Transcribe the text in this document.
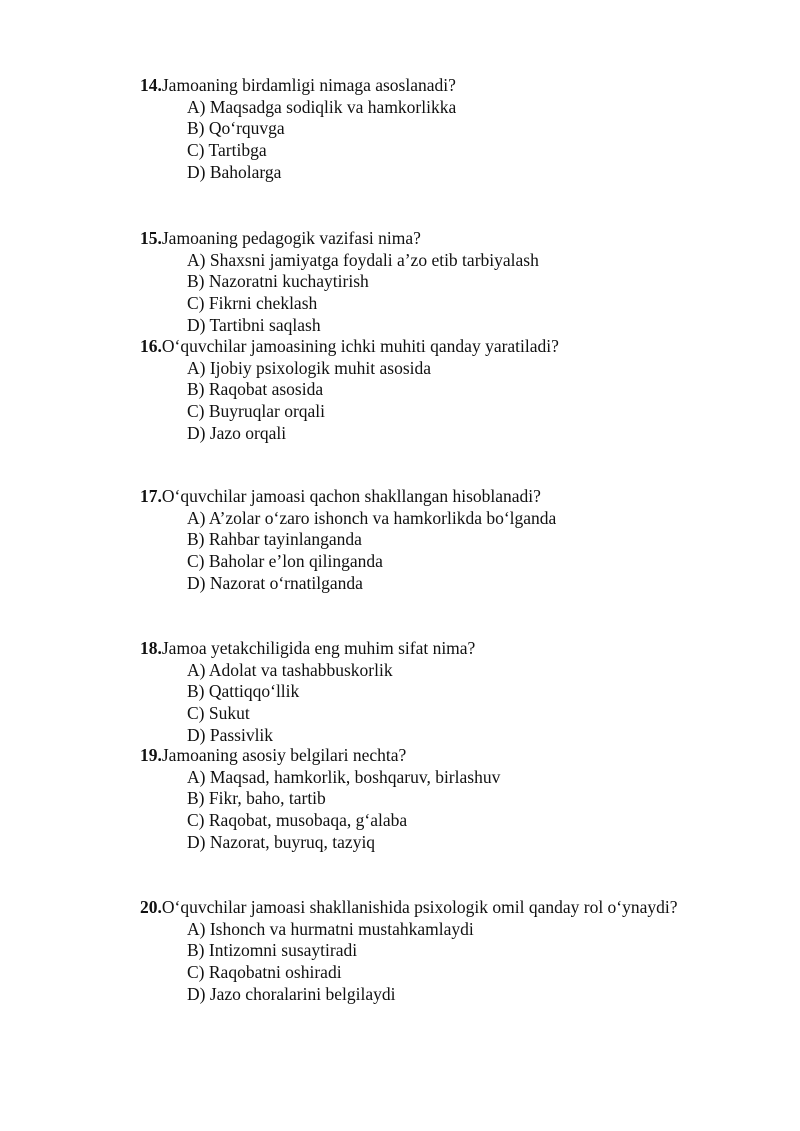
14.Jamoaning birdamligi nimaga asoslanadi?
A) Maqsadga sodiqlik va hamkorlikka
B) Qo‘rquvga
C) Tartibga
D) Baholarga
15.Jamoaning pedagogik vazifasi nima?
A) Shaxsni jamiyatga foydali a’zo etib tarbiyalash
B) Nazoratni kuchaytirish
C) Fikrni cheklash
D) Tartibni saqlash
16.O‘quvchilar jamoasining ichki muhiti qanday yaratiladi?
A) Ijobiy psixologik muhit asosida
B) Raqobat asosida
C) Buyruqlar orqali
D) Jazo orqali
17.O‘quvchilar jamoasi qachon shakllangan hisoblanadi?
A) A’zolar o‘zaro ishonch va hamkorlikda bo‘lganda
B) Rahbar tayinlanganda
C) Baholar e’lon qilinganda
D) Nazorat o‘rnatilganda
18.Jamoa yetakchiligida eng muhim sifat nima?
A) Adolat va tashabbuskorlik
B) Qattiqqo‘llik
C) Sukut
D) Passivlik
19.Jamoaning asosiy belgilari nechta?
A) Maqsad, hamkorlik, boshqaruv, birlashuv
B) Fikr, baho, tartib
C) Raqobat, musobaqa, g‘alaba
D) Nazorat, buyruq, tazyiq
20.O‘quvchilar jamoasi shakllanishida psixologik omil qanday rol o‘ynaydi?
A) Ishonch va hurmatni mustahkamlaydi
B) Intizomni susaytiradi
C) Raqobatni oshiradi
D) Jazo choralarini belgilaydi
